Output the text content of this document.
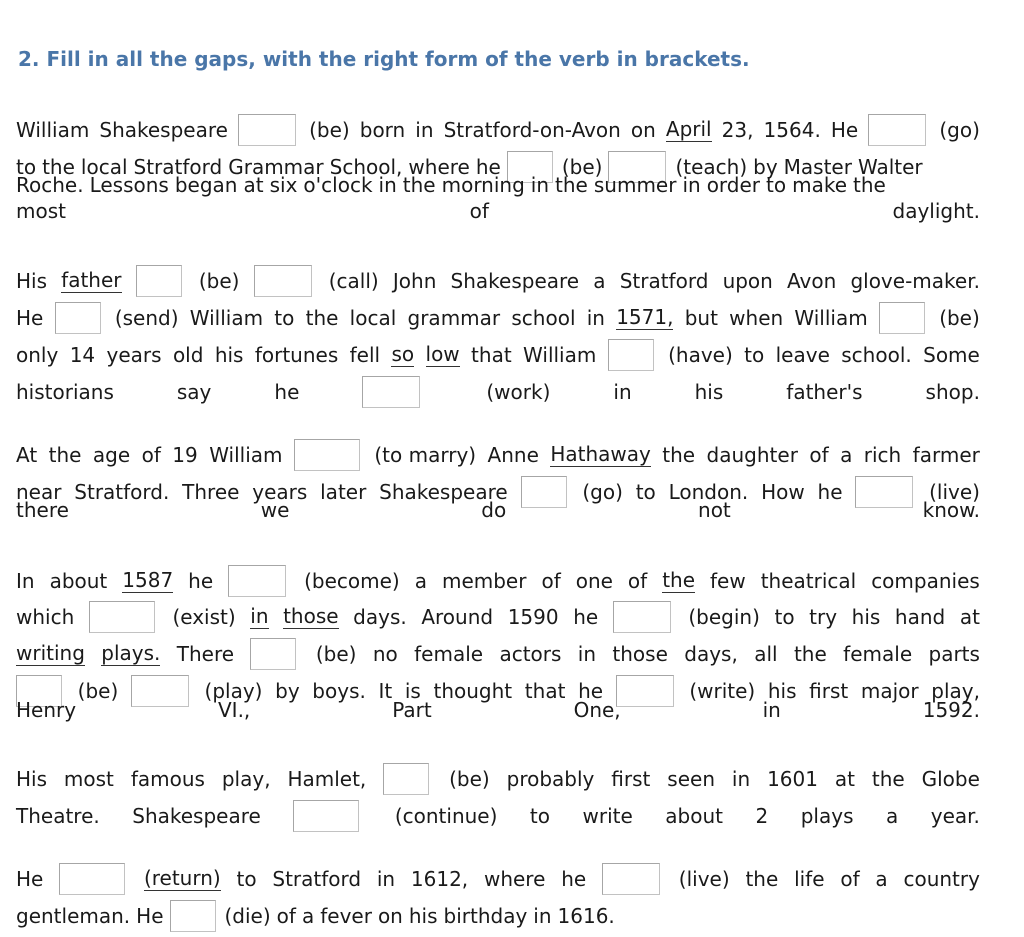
2. Fill in all the gaps, with the right form of the verb in brackets.
William Shakespeare	(be) born in Stratford-on-Avon on April 23, 1564. He	(go)
to the local Stratford Grammar School, where he	(be)	(teach) by Master Walter
Roche. Lessons began at six o'clock in the morning in the summer in order to make the
most	of	daylight.
His father	(be)	(call) John Shakespeare a Stratford upon Avon glove-maker.
He	(send) William to the local grammar school in 1571, but when William	(be)
only 14 years old his fortunes fell so low that William	(have) to leave school. Some
historians	say	he	(work)	in	his	father's	shop.
At the age of 19 William	(to marry) Anne Hathaway the daughter of a rich farmer
near Stratford. Three years later Shakespeare	(go) to London. How he	(live)
there	we	do	not	know.
In about 1587 he	(become) a member of one of the few theatrical companies
which	(exist) in those days. Around 1590 he	(begin) to try his hand at
writing plays. There	(be) no female actors in those days, all the female parts
(be)	(play) by boys. It is thought that he	(write) his first major play,
Henry	VI.,	Part	One,	in	1592.
His most famous play, Hamlet,	(be) probably first seen in 1601 at the Globe
Theatre. Shakespeare	(continue) to write about 2 plays a year.
He	(return) to Stratford in 1612, where he	(live) the life of a country
gentleman. He	(die) of a fever on his birthday in 1616.
